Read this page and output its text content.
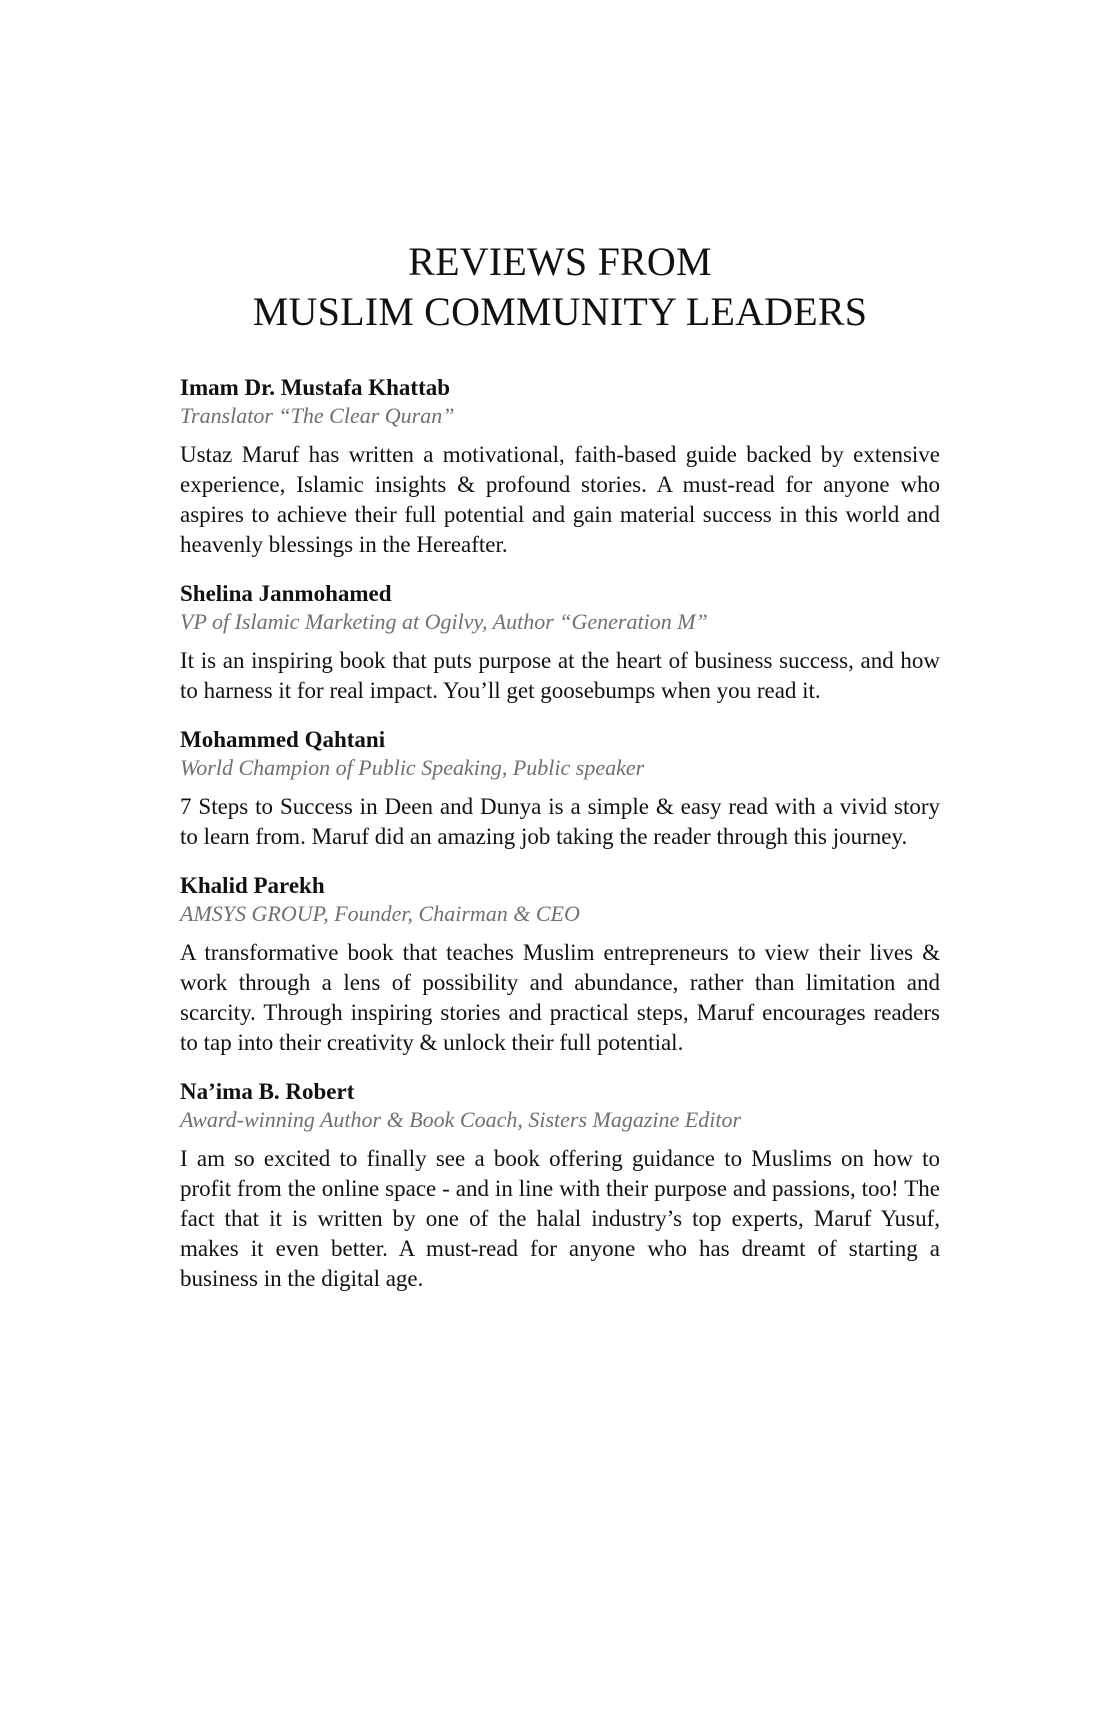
REVIEWS FROM
MUSLIM COMMUNITY LEADERS
Imam Dr. Mustafa Khattab
Translator “The Clear Quran”

Ustaz Maruf has written a motivational, faith-based guide backed by extensive experience, Islamic insights & profound stories. A must-read for anyone who aspires to achieve their full potential and gain material success in this world and heavenly blessings in the Hereafter.

Shelina Janmohamed
VP of Islamic Marketing at Ogilvy, Author “Generation M”

It is an inspiring book that puts purpose at the heart of business success, and how to harness it for real impact. You’ll get goosebumps when you read it.

Mohammed Qahtani
World Champion of Public Speaking, Public speaker

7 Steps to Success in Deen and Dunya is a simple & easy read with a vivid story to learn from. Maruf did an amazing job taking the reader through this journey.

Khalid Parekh
AMSYS GROUP, Founder, Chairman & CEO

A transformative book that teaches Muslim entrepreneurs to view their lives & work through a lens of possibility and abundance, rather than limitation and scarcity. Through inspiring stories and practical steps, Maruf encourages readers to tap into their creativity & unlock their full potential.

Na’ima B. Robert
Award-winning Author & Book Coach, Sisters Magazine Editor

I am so excited to finally see a book offering guidance to Muslims on how to profit from the online space - and in line with their purpose and passions, too! The fact that it is written by one of the halal industry’s top experts, Maruf Yusuf, makes it even better. A must-read for anyone who has dreamt of starting a business in the digital age.
